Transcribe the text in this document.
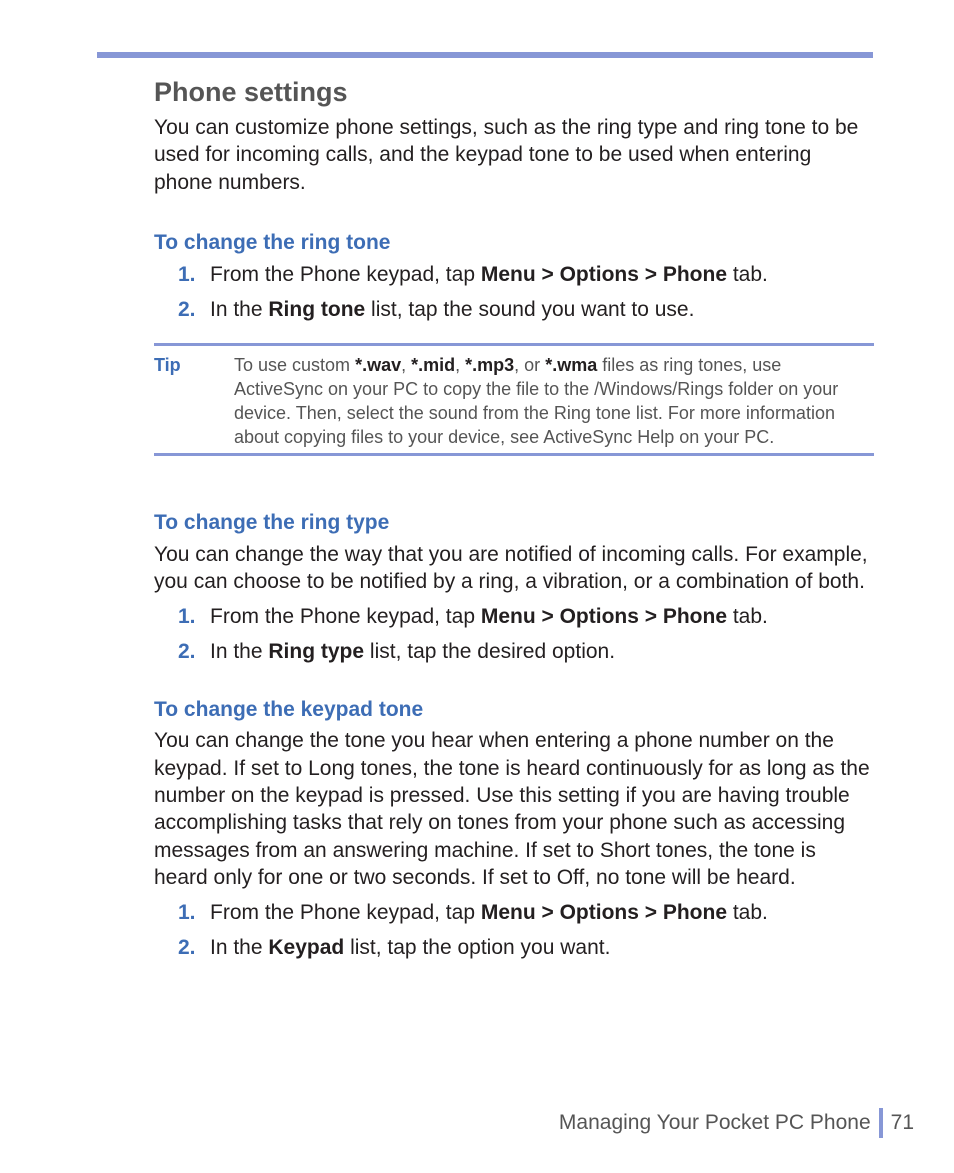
Phone settings

You can customize phone settings, such as the ring type and ring tone to be used for incoming calls, and the keypad tone to be used when entering phone numbers.

To change the ring tone
1. From the Phone keypad, tap Menu > Options > Phone tab.
2. In the Ring tone list, tap the sound you want to use.
Tip	To use custom *.wav, *.mid, *.mp3, or *.wma files as ring tones, use ActiveSync on your PC to copy the file to the /Windows/Rings folder on your device. Then, select the sound from the Ring tone list. For more information about copying files to your device, see ActiveSync Help on your PC.
To change the ring type

You can change the way that you are notified of incoming calls. For example, you can choose to be notified by a ring, a vibration, or a combination of both.

1. From the Phone keypad, tap Menu > Options > Phone tab.
2. In the Ring type list, tap the desired option.
To change the keypad tone

You can change the tone you hear when entering a phone number on the keypad. If set to Long tones, the tone is heard continuously for as long as the number on the keypad is pressed. Use this setting if you are having trouble accomplishing tasks that rely on tones from your phone such as accessing messages from an answering machine. If set to Short tones, the tone is heard only for one or two seconds. If set to Off, no tone will be heard.

1. From the Phone keypad, tap Menu > Options > Phone tab.
2. In the Keypad list, tap the option you want.
Managing Your Pocket PC Phone 71
